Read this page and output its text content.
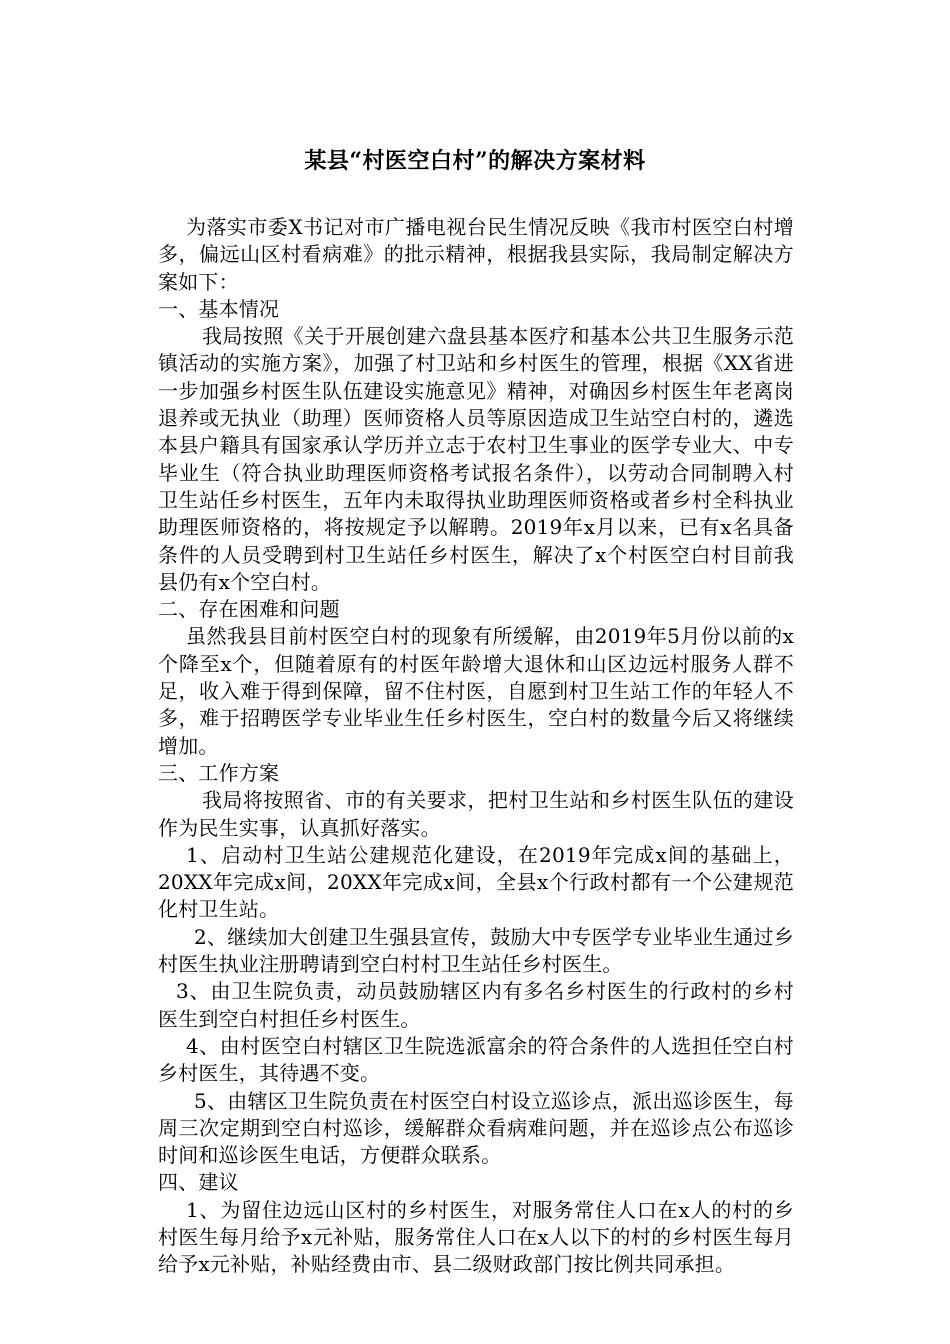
某县“村医空白村”的解决方案材料

为落实市委X书记对市广播电视台民生情况反映《我市村医空白村增多，偏远山区村看病难》的批示精神，根据我县实际，我局制定解决方案如下：

一、基本情况

我局按照《关于开展创建六盘县基本医疗和基本公共卫生服务示范镇活动的实施方案》，加强了村卫站和乡村医生的管理，根据《XX省进一步加强乡村医生队伍建设实施意见》精神，对确因乡村医生年老离岗退养或无执业（助理）医师资格人员等原因造成卫生站空白村的，遴选本县户籍具有国家承认学历并立志于农村卫生事业的医学专业大、中专毕业生（符合执业助理医师资格考试报名条件），以劳动合同制聘入村卫生站任乡村医生，五年内未取得执业助理医师资格或者乡村全科执业助理医师资格的，将按规定予以解聘。2019年x月以来，已有x名具备条件的人员受聘到村卫生站任乡村医生，解决了x个村医空白村目前我县仍有x个空白村。

二、存在困难和问题

虽然我县目前村医空白村的现象有所缓解，由2019年5月份以前的x个降至x个，但随着原有的村医年龄增大退休和山区边远村服务人群不足，收入难于得到保障，留不住村医，自愿到村卫生站工作的年轻人不多，难于招聘医学专业毕业生任乡村医生，空白村的数量今后又将继续增加。

三、工作方案

我局将按照省、市的有关要求，把村卫生站和乡村医生队伍的建设作为民生实事，认真抓好落实。

1、启动村卫生站公建规范化建设，在2019年完成x间的基础上，20XX年完成x间，20XX年完成x间，全县x个行政村都有一个公建规范化村卫生站。

2、继续加大创建卫生强县宣传，鼓励大中专医学专业毕业生通过乡村医生执业注册聘请到空白村村卫生站任乡村医生。

3、由卫生院负责，动员鼓励辖区内有多名乡村医生的行政村的乡村医生到空白村担任乡村医生。

4、由村医空白村辖区卫生院选派富余的符合条件的人选担任空白村乡村医生，其待遇不变。

5、由辖区卫生院负责在村医空白村设立巡诊点，派出巡诊医生，每周三次定期到空白村巡诊，缓解群众看病难问题，并在巡诊点公布巡诊时间和巡诊医生电话，方便群众联系。

四、建议

1、为留住边远山区村的乡村医生，对服务常住人口在x人的村的乡村医生每月给予x元补贴，服务常住人口在x人以下的村的乡村医生每月给予x元补贴，补贴经费由市、县二级财政部门按比例共同承担。
